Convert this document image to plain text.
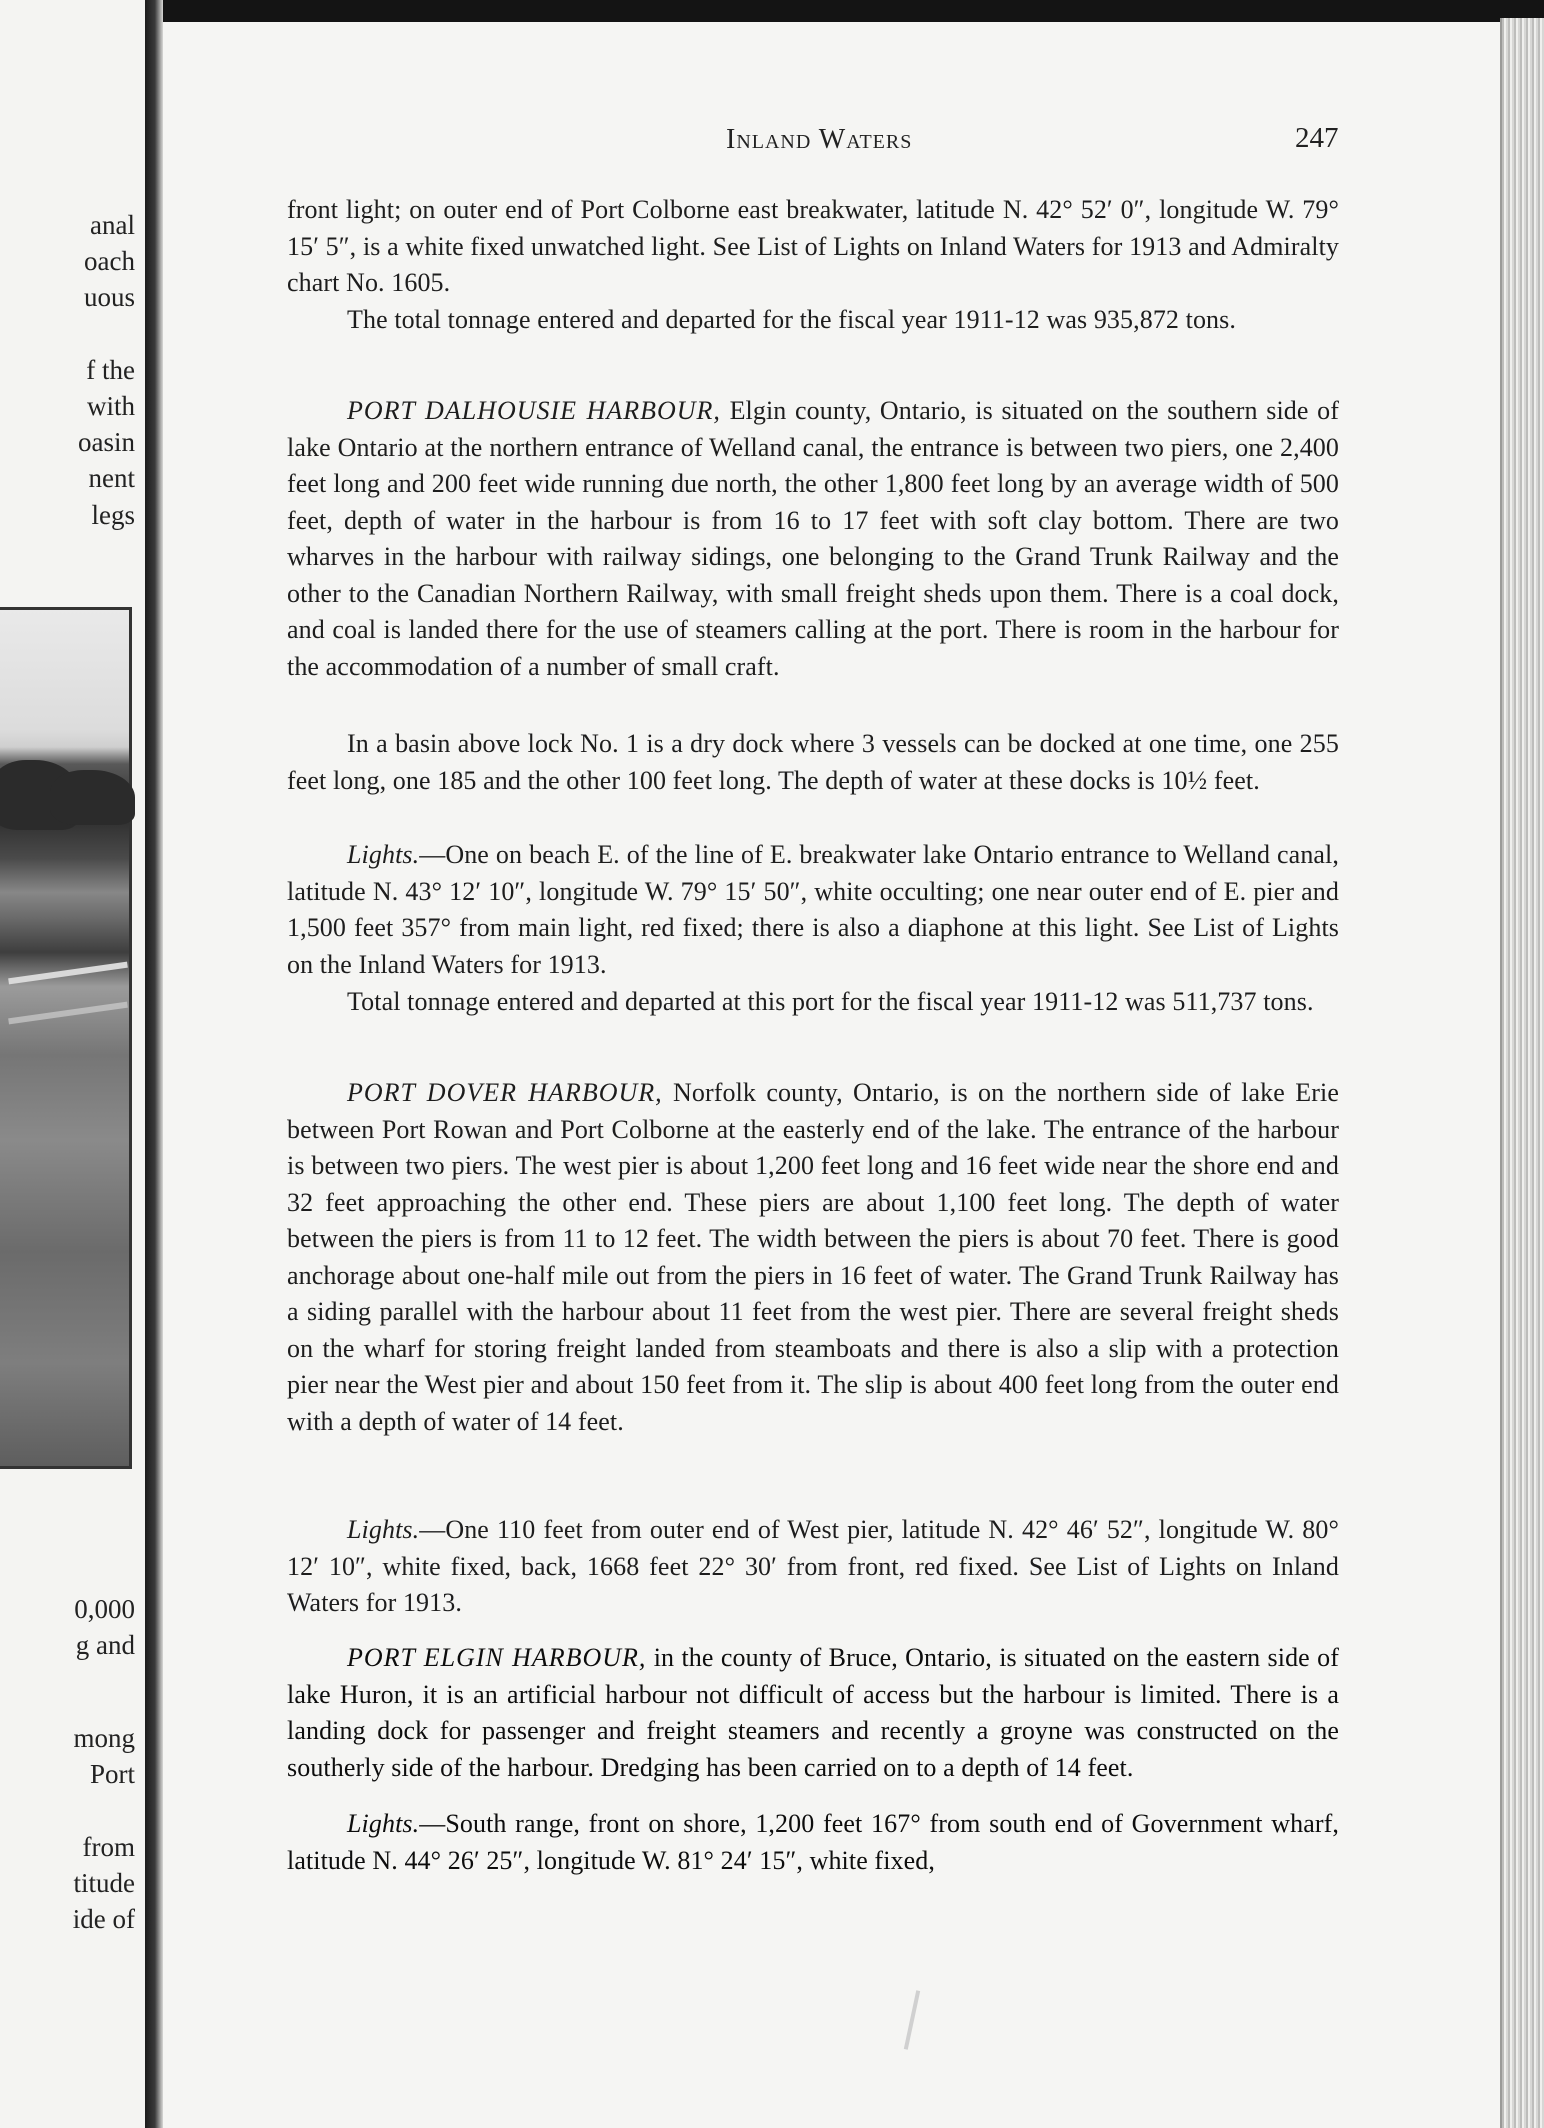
anal
oach
uous
f the
with
oasin
nent
legs
0,000
g and
mong
Port
from
titude
ide of
Inland Waters	247

front light; on outer end of Port Colborne east breakwater, latitude N. 42° 52′ 0″, longitude W. 79° 15′ 5″, is a white fixed unwatched light. See List of Lights on Inland Waters for 1913 and Admiralty chart No. 1605.

The total tonnage entered and departed for the fiscal year 1911-12 was 935,872 tons.

PORT DALHOUSIE HARBOUR, Elgin county, Ontario, is situated on the southern side of lake Ontario at the northern entrance of Welland canal, the entrance is between two piers, one 2,400 feet long and 200 feet wide running due north, the other 1,800 feet long by an average width of 500 feet, depth of water in the harbour is from 16 to 17 feet with soft clay bottom. There are two wharves in the harbour with railway sidings, one belonging to the Grand Trunk Railway and the other to the Canadian Northern Railway, with small freight sheds upon them. There is a coal dock, and coal is landed there for the use of steamers calling at the port. There is room in the harbour for the accommodation of a number of small craft.

In a basin above lock No. 1 is a dry dock where 3 vessels can be docked at one time, one 255 feet long, one 185 and the other 100 feet long. The depth of water at these docks is 10½ feet.

Lights.—One on beach E. of the line of E. breakwater lake Ontario entrance to Welland canal, latitude N. 43° 12′ 10″, longitude W. 79° 15′ 50″, white occulting; one near outer end of E. pier and 1,500 feet 357° from main light, red fixed; there is also a diaphone at this light. See List of Lights on the Inland Waters for 1913.

Total tonnage entered and departed at this port for the fiscal year 1911-12 was 511,737 tons.

PORT DOVER HARBOUR, Norfolk county, Ontario, is on the northern side of lake Erie between Port Rowan and Port Colborne at the easterly end of the lake. The entrance of the harbour is between two piers. The west pier is about 1,200 feet long and 16 feet wide near the shore end and 32 feet approaching the other end. These piers are about 1,100 feet long. The depth of water between the piers is from 11 to 12 feet. The width between the piers is about 70 feet. There is good anchorage about one-half mile out from the piers in 16 feet of water. The Grand Trunk Railway has a siding parallel with the harbour about 11 feet from the west pier. There are several freight sheds on the wharf for storing freight landed from steamboats and there is also a slip with a protection pier near the West pier and about 150 feet from it. The slip is about 400 feet long from the outer end with a depth of water of 14 feet.

Lights.—One 110 feet from outer end of West pier, latitude N. 42° 46′ 52″, longitude W. 80° 12′ 10″, white fixed, back, 1668 feet 22° 30′ from front, red fixed. See List of Lights on Inland Waters for 1913.

PORT ELGIN HARBOUR, in the county of Bruce, Ontario, is situated on the eastern side of lake Huron, it is an artificial harbour not difficult of access but the harbour is limited. There is a landing dock for passenger and freight steamers and recently a groyne was constructed on the southerly side of the harbour. Dredging has been carried on to a depth of 14 feet.

Lights.—South range, front on shore, 1,200 feet 167° from south end of Government wharf, latitude N. 44° 26′ 25″, longitude W. 81° 24′ 15″, white fixed,
